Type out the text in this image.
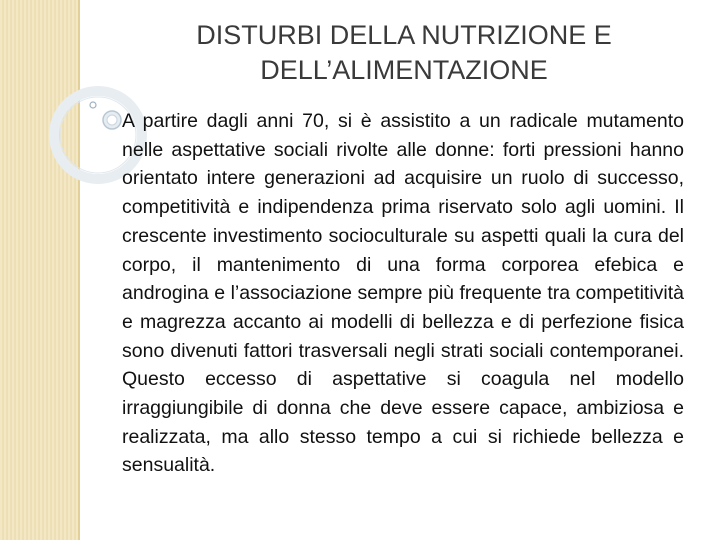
DISTURBI DELLA NUTRIZIONE E
DELL’ALIMENTAZIONE

A partire dagli anni 70, si è assistito a un radicale mutamento nelle aspettative sociali rivolte alle donne: forti pressioni hanno orientato intere generazioni ad acquisire un ruolo di successo, competitività e indipendenza prima riservato solo agli uomini. Il crescente investimento socioculturale su aspetti quali la cura del corpo, il mantenimento di una forma corporea efebica e androgina e l’associazione sempre più frequente tra competitività e magrezza accanto ai modelli di bellezza e di perfezione fisica sono divenuti fattori trasversali negli strati sociali contemporanei. Questo eccesso di aspettative si coagula nel modello irraggiungibile di donna che deve essere capace, ambiziosa e realizzata, ma allo stesso tempo a cui si richiede bellezza e sensualità.
